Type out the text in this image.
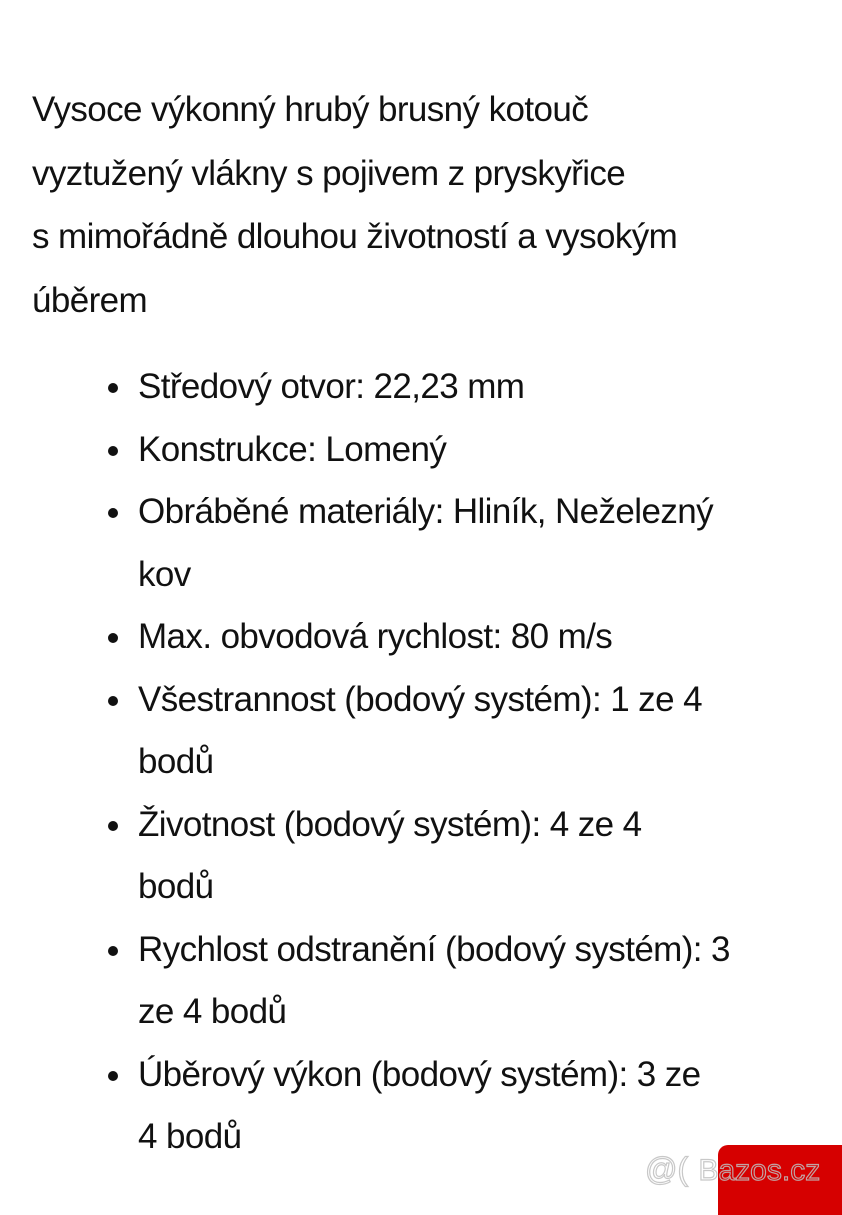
Vysoce výkonný hrubý brusný kotouč
vyztužený vlákny s pojivem z pryskyřice
s mimořádně dlouhou životností a vysokým
úběrem

Středový otvor: 22,23 mm
Konstrukce: Lomený
Obráběné materiály: Hliník, Neželezný
kov
Max. obvodová rychlost: 80 m/s
Všestrannost (bodový systém): 1 ze 4
bodů
Životnost (bodový systém): 4 ze 4
bodů
Rychlost odstranění (bodový systém): 3
ze 4 bodů
Úběrový výkon (bodový systém): 3 ze
4 bodů
@( Bazos.cz
